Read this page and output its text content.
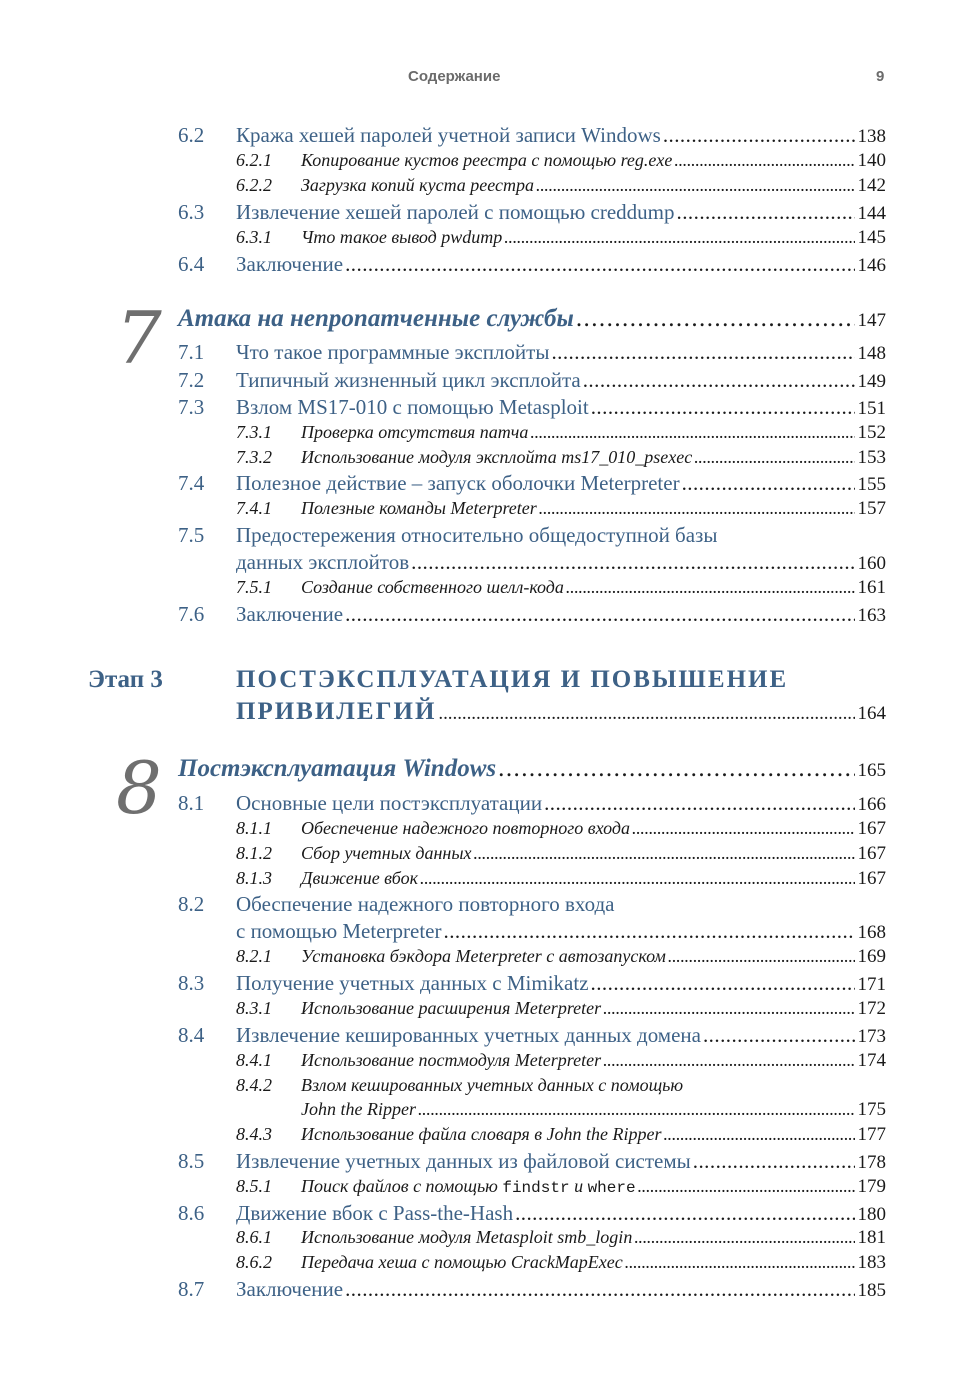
Содержание	9
6.2 Кража хешей паролей учетной записи Windows . . .	138
6.2.1 Копирование кустов реестра с помощью reg.exe . . .	140
6.2.2 Загрузка копий куста реестра . . .	142
6.3 Извлечение хешей паролей с помощью creddump . . .	144
6.3.1 Что такое вывод pwdump . . .	145
6.4 Заключение . . .	146
7 Атака на непропатченные службы . . .	147
7.1 Что такое программные эксплойты . . .	148
7.2 Типичный жизненный цикл эксплойта . . .	149
7.3 Взлом MS17-010 с помощью Metasploit . . .	151
7.3.1 Проверка отсутствия патча . . .	152
7.3.2 Использование модуля эксплойта ms17_010_psexec . . .	153
7.4 Полезное действие – запуск оболочки Meterpreter . . .	155
7.4.1 Полезные команды Meterpreter . . .	157
7.5 Предостережения относительно общедоступной базы
данных эксплойтов . . .	160
7.5.1 Создание собственного шелл-кода . . .	161
7.6 Заключение . . .	163
Этап 3	ПОСТЭКСПЛУАТАЦИЯ И ПОВЫШЕНИЕ
ПРИВИЛЕГИЙ . . .	164
8 Постэксплуатация Windows . . .	165
8.1 Основные цели постэксплуатации . . .	166
8.1.1 Обеспечение надежного повторного входа . . .	167
8.1.2 Сбор учетных данных . . .	167
8.1.3 Движение вбок . . .	167
8.2 Обеспечение надежного повторного входа
с помощью Meterpreter . . .	168
8.2.1 Установка бэкдора Meterpreter с автозапуском . . .	169
8.3 Получение учетных данных с Mimikatz . . .	171
8.3.1 Использование расширения Meterpreter . . .	172
8.4 Извлечение кешированных учетных данных домена . . .	173
8.4.1 Использование постмодуля Meterpreter . . .	174
8.4.2 Взлом кешированных учетных данных с помощью
John the Ripper . . .	175
8.4.3 Использование файла словаря в John the Ripper . . .	177
8.5 Извлечение учетных данных из файловой системы . . .	178
8.5.1 Поиск файлов с помощью findstr и where . . .	179
8.6 Движение вбок с Pass-the-Hash . . .	180
8.6.1 Использование модуля Metasploit smb_login . . .	181
8.6.2 Передача хеша с помощью CrackMapExec . . .	183
8.7 Заключение . . .	185
